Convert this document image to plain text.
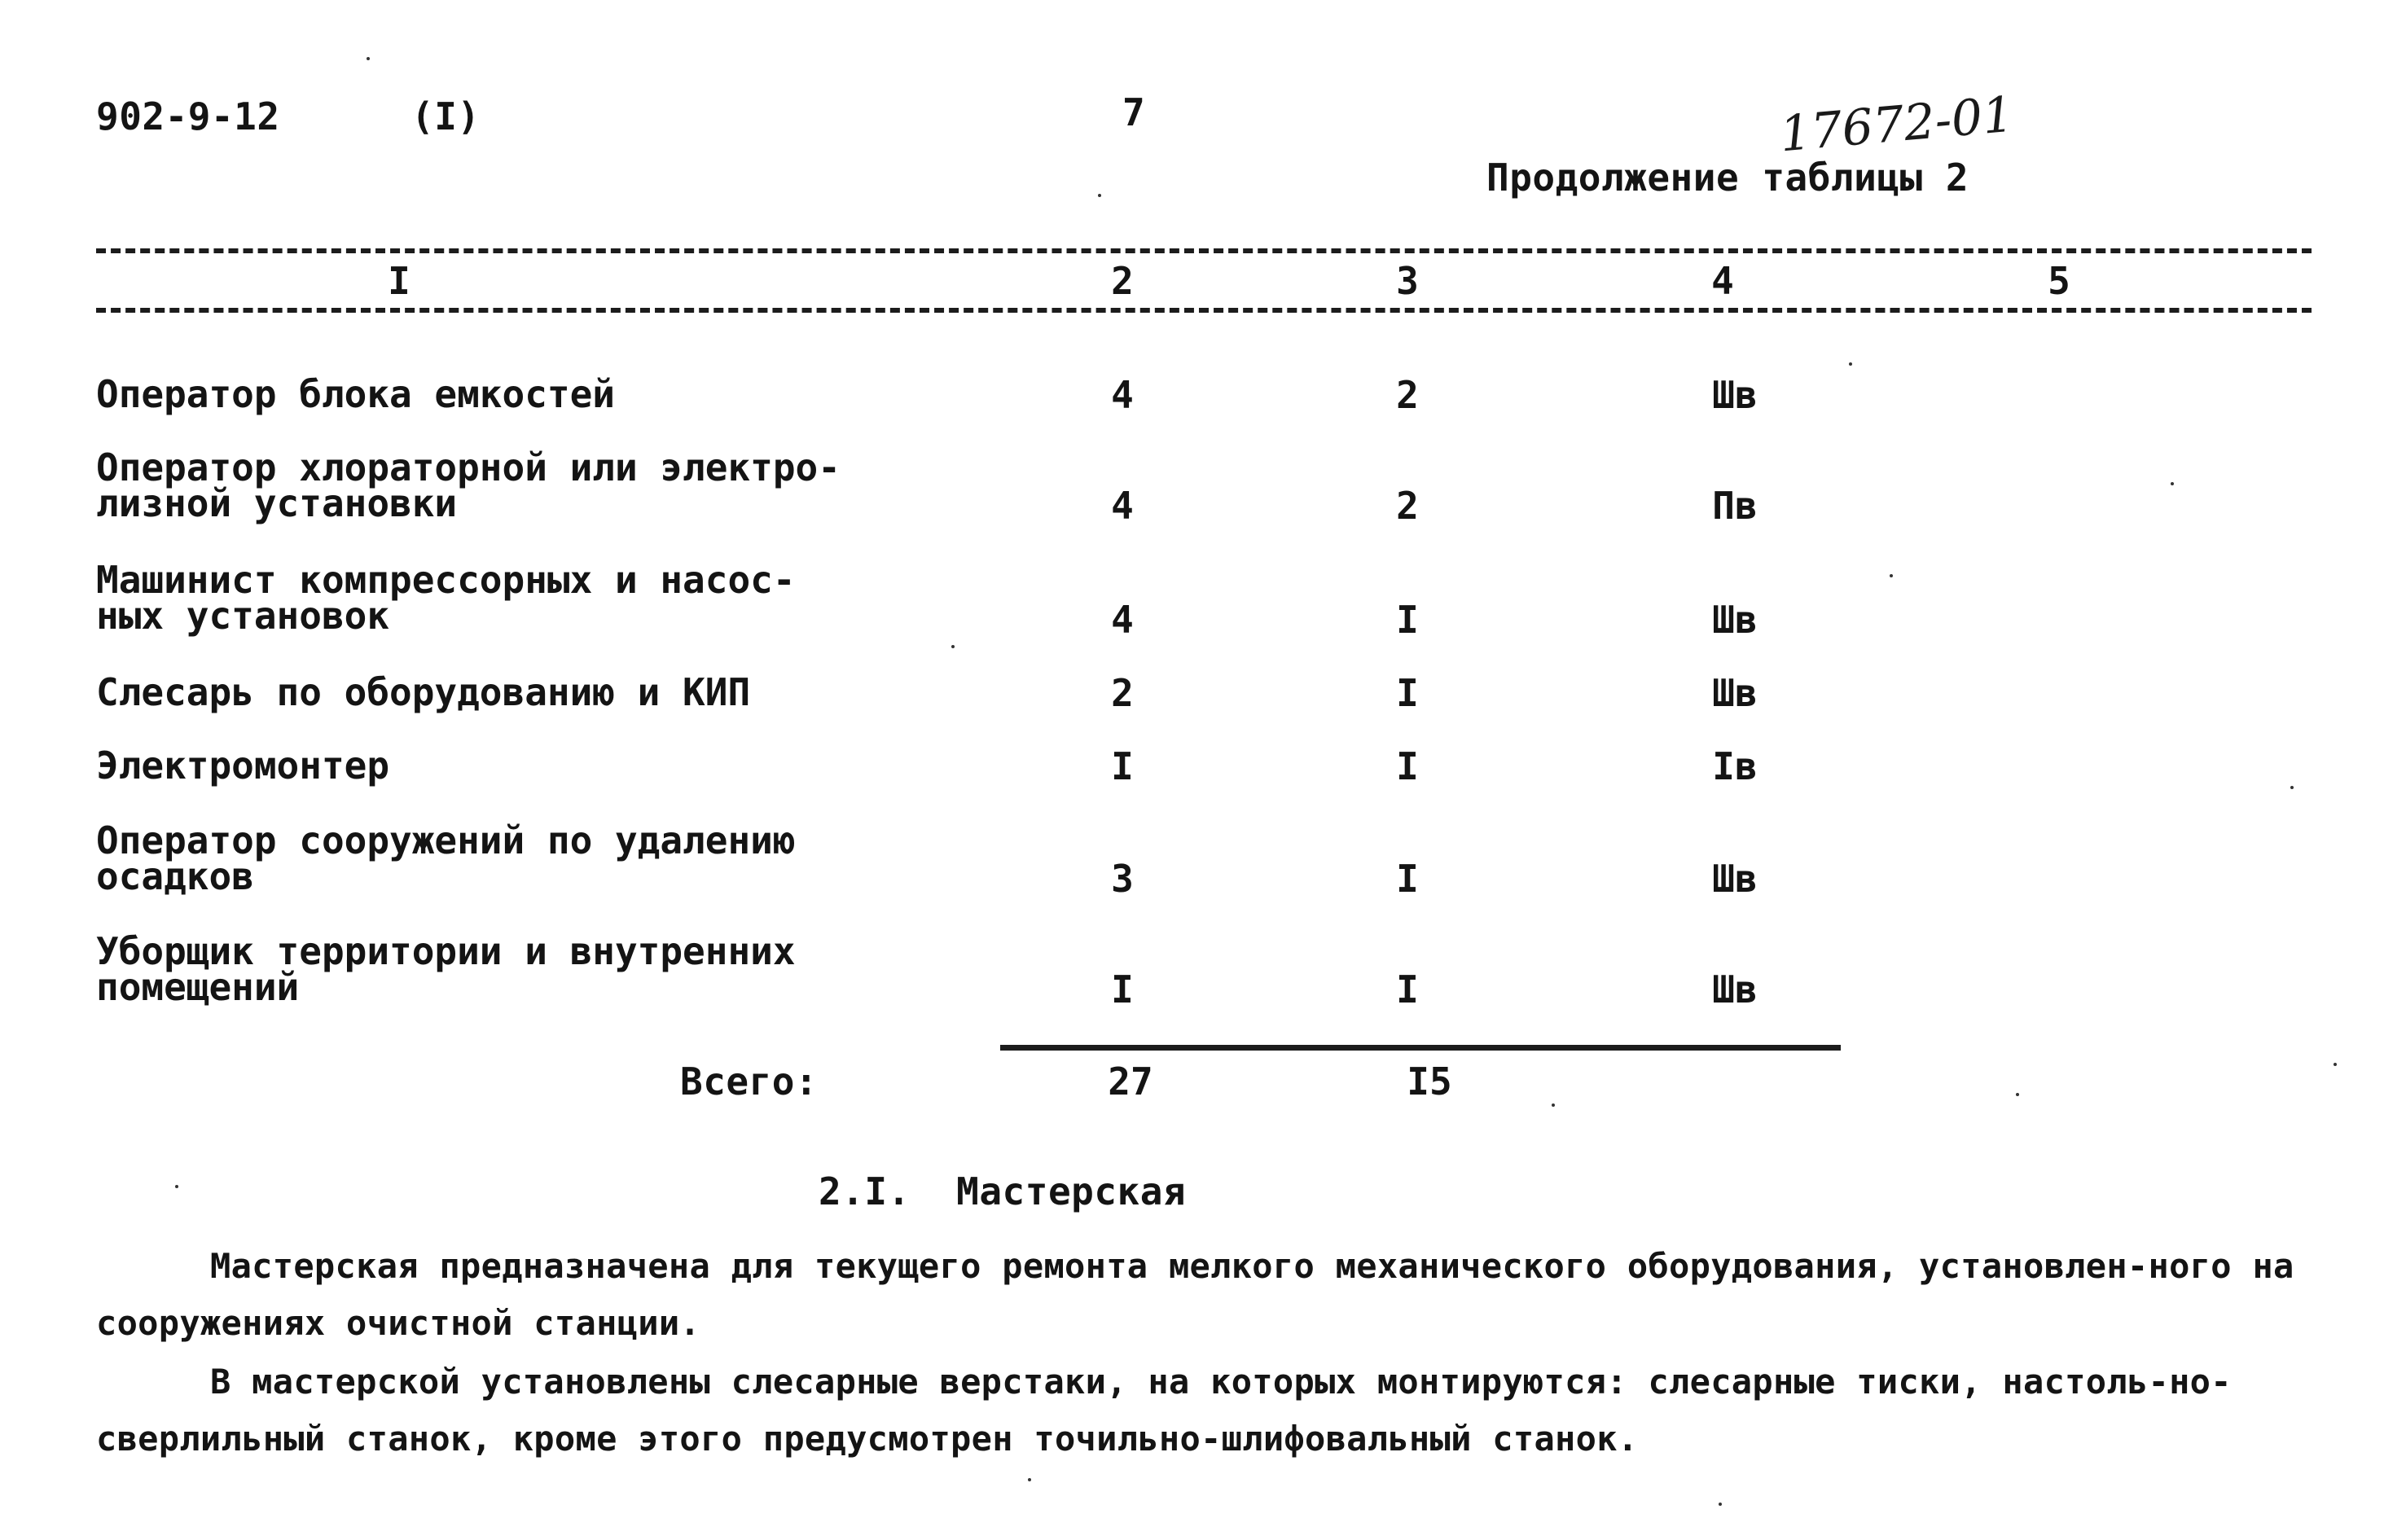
902-9-12	(I)	7	17672-01
Продолжение таблицы 2
I	2	3	4	5
Оператор блока емкостей	4	2	Шв
Оператор хлораторной или электро-
лизной установки	4	2	Пв
Машинист компрессорных и насос-
ных установок	4	I	Шв
Слесарь по оборудованию и КИП	2	I	Шв
Электромонтер	I	I	Iв
Оператор сооружений по удалению
осадков	3	I	Шв
Уборщик территории и внутренних
помещений	I	I	Шв
Всего:	27	I5
2.I.  Мастерская
Мастерская предназначена для текущего ремонта мелкого механического оборудования, установлен-ного на сооружениях очистной станции.
В мастерской установлены слесарные верстаки, на которых монтируются: слесарные тиски, настоль-но-сверлильный станок, кроме этого предусмотрен точильно-шлифовальный станок.
